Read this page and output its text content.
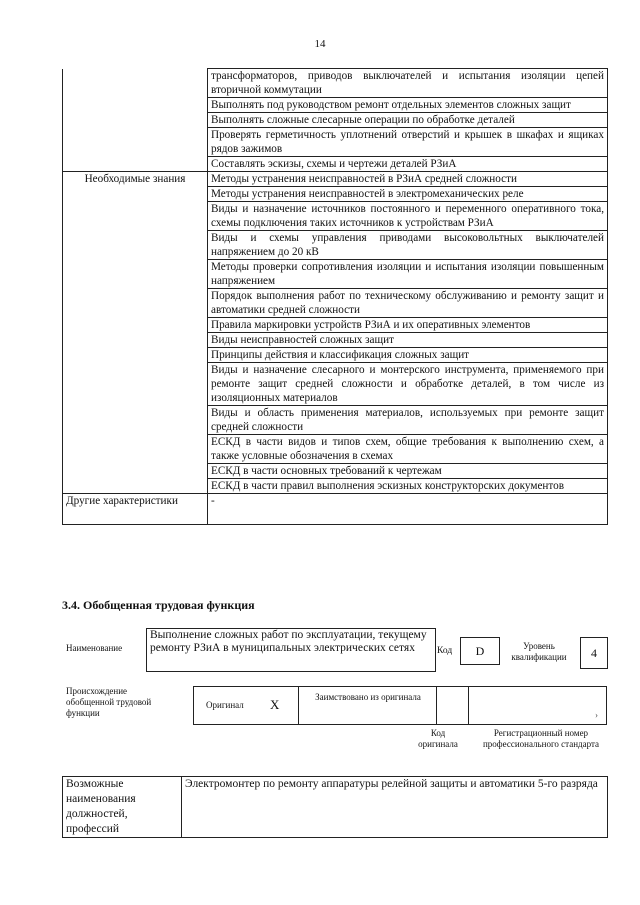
14
	трансформаторов, приводов выключателей и испытания изоляции цепей вторичной коммутации
	Выполнять под руководством ремонт отдельных элементов сложных защит
	Выполнять сложные слесарные операции по обработке деталей
	Проверять герметичность уплотнений отверстий и крышек в шкафах и ящиках рядов зажимов
	Составлять эскизы, схемы и чертежи деталей РЗиА
Необходимые знания	Методы устранения неисправностей в РЗиА средней сложности
	Методы устранения неисправностей в электромеханических реле
	Виды и назначение источников постоянного и переменного оперативного тока, схемы подключения таких источников к устройствам РЗиА
	Виды и схемы управления приводами высоковольтных выключателей напряжением до 20 кВ
	Методы проверки сопротивления изоляции и испытания изоляции повышенным напряжением
	Порядок выполнения работ по техническому обслуживанию и ремонту защит и автоматики средней сложности
	Правила маркировки устройств РЗиА и их оперативных элементов
	Виды неисправностей сложных защит
	Принципы действия и классификация сложных защит
	Виды и назначение слесарного и монтерского инструмента, применяемого при ремонте защит средней сложности и обработке деталей, в том числе из изоляционных материалов
	Виды и область применения материалов, используемых при ремонте защит средней сложности
	ЕСКД в части видов и типов схем, общие требования к выполнению схем, а также условные обозначения в схемах
	ЕСКД в части основных требований к чертежам
	ЕСКД в части правил выполнения эскизных конструкторских документов
Другие характеристики	-
3.4. Обобщенная трудовая функция
Наименование
Выполнение сложных работ по эксплуатации, текущему ремонту РЗиА в муниципальных электрических сетях	Код	D	Уровень квалификации	4
Происхождение обобщенной трудовой функции
Оригинал X	Заимствовано из оригинала
›
Код оригинала
Регистрационный номер профессионального стандарта
Возможные наименования должностей, профессий	Электромонтер по ремонту аппаратуры релейной защиты и автоматики 5-го разряда
